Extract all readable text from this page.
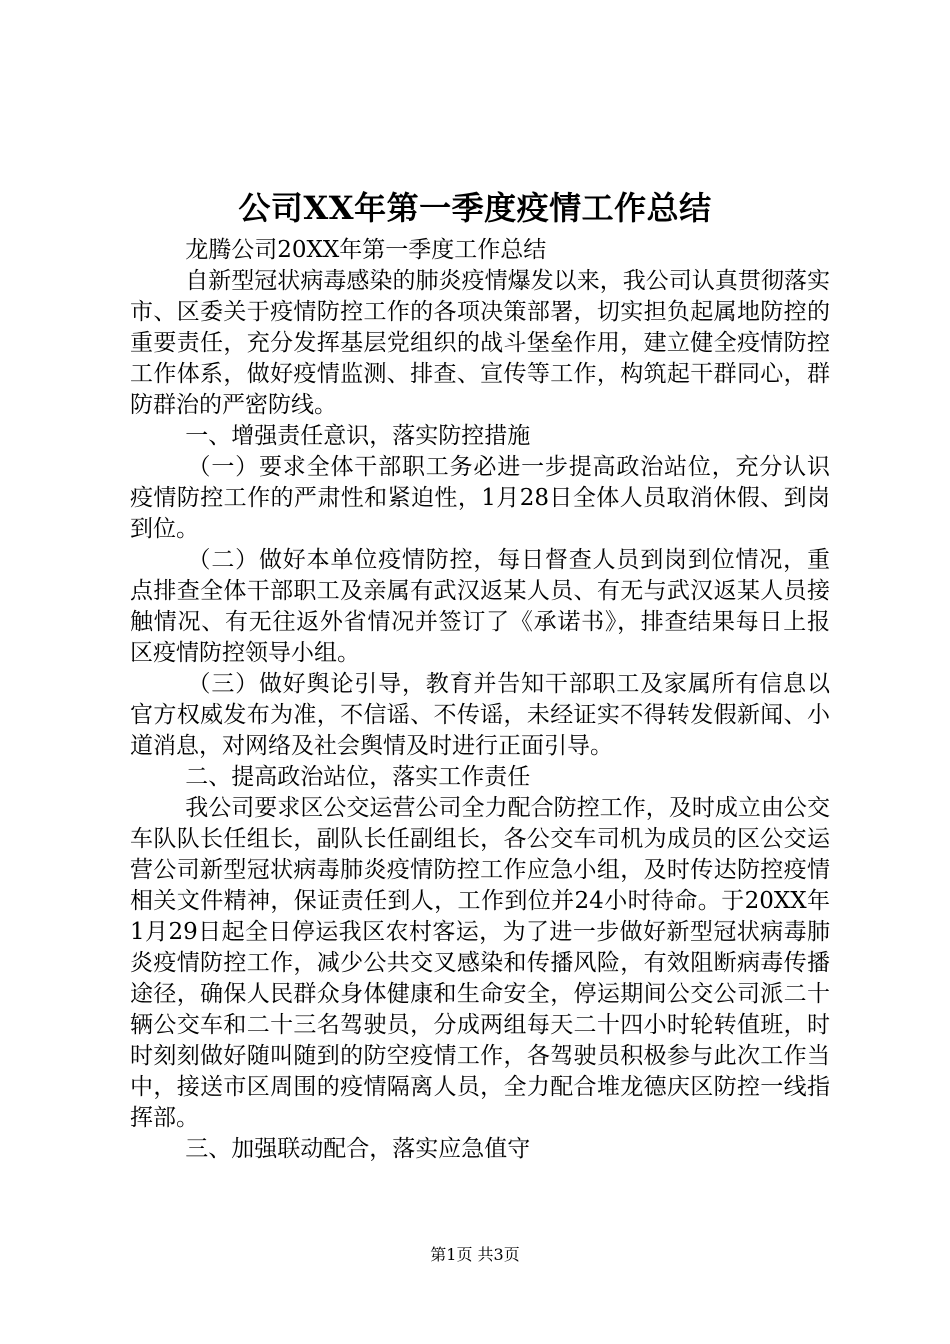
公司XX年第一季度疫情工作总结

龙腾公司20XX年第一季度工作总结

自新型冠状病毒感染的肺炎疫情爆发以来，我公司认真贯彻落实市、区委关于疫情防控工作的各项决策部署，切实担负起属地防控的重要责任，充分发挥基层党组织的战斗堡垒作用，建立健全疫情防控工作体系，做好疫情监测、排查、宣传等工作，构筑起干群同心，群防群治的严密防线。

一、增强责任意识，落实防控措施

（一）要求全体干部职工务必进一步提高政治站位，充分认识疫情防控工作的严肃性和紧迫性，1月28日全体人员取消休假、到岗到位。

（二）做好本单位疫情防控，每日督查人员到岗到位情况，重点排查全体干部职工及亲属有武汉返某人员、有无与武汉返某人员接触情况、有无往返外省情况并签订了《承诺书》，排查结果每日上报区疫情防控领导小组。

（三）做好舆论引导，教育并告知干部职工及家属所有信息以官方权威发布为准，不信谣、不传谣，未经证实不得转发假新闻、小道消息，对网络及社会舆情及时进行正面引导。

二、提高政治站位，落实工作责任

我公司要求区公交运营公司全力配合防控工作，及时成立由公交车队队长任组长，副队长任副组长，各公交车司机为成员的区公交运营公司新型冠状病毒肺炎疫情防控工作应急小组，及时传达防控疫情相关文件精神，保证责任到人，工作到位并24小时待命。于20XX年1月29日起全日停运我区农村客运，为了进一步做好新型冠状病毒肺炎疫情防控工作，减少公共交叉感染和传播风险，有效阻断病毒传播途径，确保人民群众身体健康和生命安全，停运期间公交公司派二十辆公交车和二十三名驾驶员，分成两组每天二十四小时轮转值班，时时刻刻做好随叫随到的防空疫情工作，各驾驶员积极参与此次工作当中，接送市区周围的疫情隔离人员，全力配合堆龙德庆区防控一线指挥部。

三、加强联动配合，落实应急值守

第1页 共3页
